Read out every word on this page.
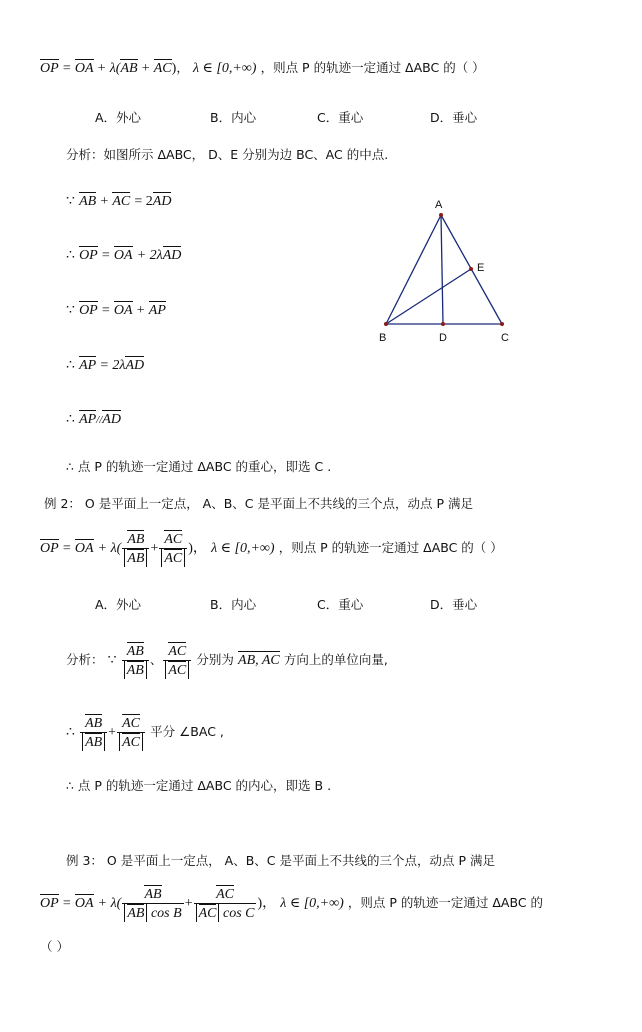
OP = OA + λ(AB + AC)， λ ∈ [0,+∞) ，则点 P 的轨迹一定通过 ΔABC 的（ ）
A．外心	B．内心	C．重心	D．垂心
分析：如图所示 ΔABC， D、E 分别为边 BC、AC 的中点.
∵ AB + AC = 2AD
∴ OP = OA + 2λAD
∵ OP = OA + AP
∴ AP = 2λAD
∴ AP//AD
∴ 点 P 的轨迹一定通过 ΔABC 的重心，即选 C .
A
E
B	D	C
例 2： O 是平面上一定点， A、B、C 是平面上不共线的三个点，动点 P 满足
OP = OA + $\lambda( \frac{AB}{AB} + \frac{AC}{AC}$ )， λ ∈ [0,+∞) ，则点 P 的轨迹一定通过 ΔABC 的（ ）
A．外心	B．内心	C．重心	D．垂心
分析： ∵ $\frac{AB}{AB}$ 、 $\frac{AC}{AC}$ 分别为 AB, AC 方向上的单位向量,
∴ $\frac{AB}{AB} + \frac{AC}{AC}$ 平分 ∠BAC ,
∴ 点 P 的轨迹一定通过 ΔABC 的内心，即选 B .
例 3： O 是平面上一定点， A、B、C 是平面上不共线的三个点，动点 P 满足
OP = OA + $\lambda( \frac{AB}{\text{AB cos B}} + \frac{AC}{\text{AC cos C}}$ )， λ ∈ [0,+∞) ，则点 P 的轨迹一定通过 ΔABC 的
（ ）
